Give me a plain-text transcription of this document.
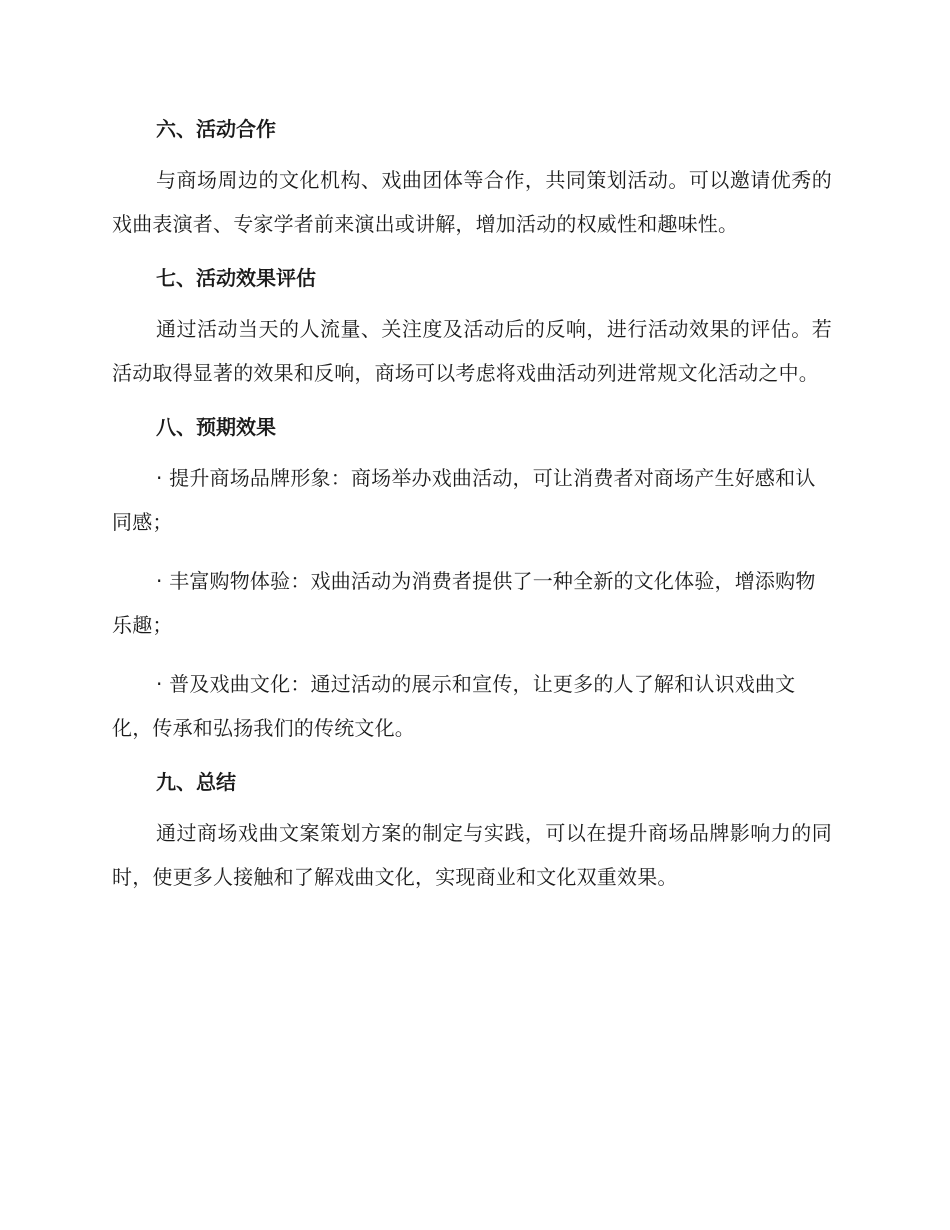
六、活动合作

与商场周边的文化机构、戏曲团体等合作，共同策划活动。可以邀请优秀的戏曲表演者、专家学者前来演出或讲解，增加活动的权威性和趣味性。

七、活动效果评估

通过活动当天的人流量、关注度及活动后的反响，进行活动效果的评估。若活动取得显著的效果和反响，商场可以考虑将戏曲活动列进常规文化活动之中。

八、预期效果

· 提升商场品牌形象：商场举办戏曲活动，可让消费者对商场产生好感和认同感；

· 丰富购物体验：戏曲活动为消费者提供了一种全新的文化体验，增添购物乐趣；

· 普及戏曲文化：通过活动的展示和宣传，让更多的人了解和认识戏曲文化，传承和弘扬我们的传统文化。

九、总结

通过商场戏曲文案策划方案的制定与实践，可以在提升商场品牌影响力的同时，使更多人接触和了解戏曲文化，实现商业和文化双重效果。
